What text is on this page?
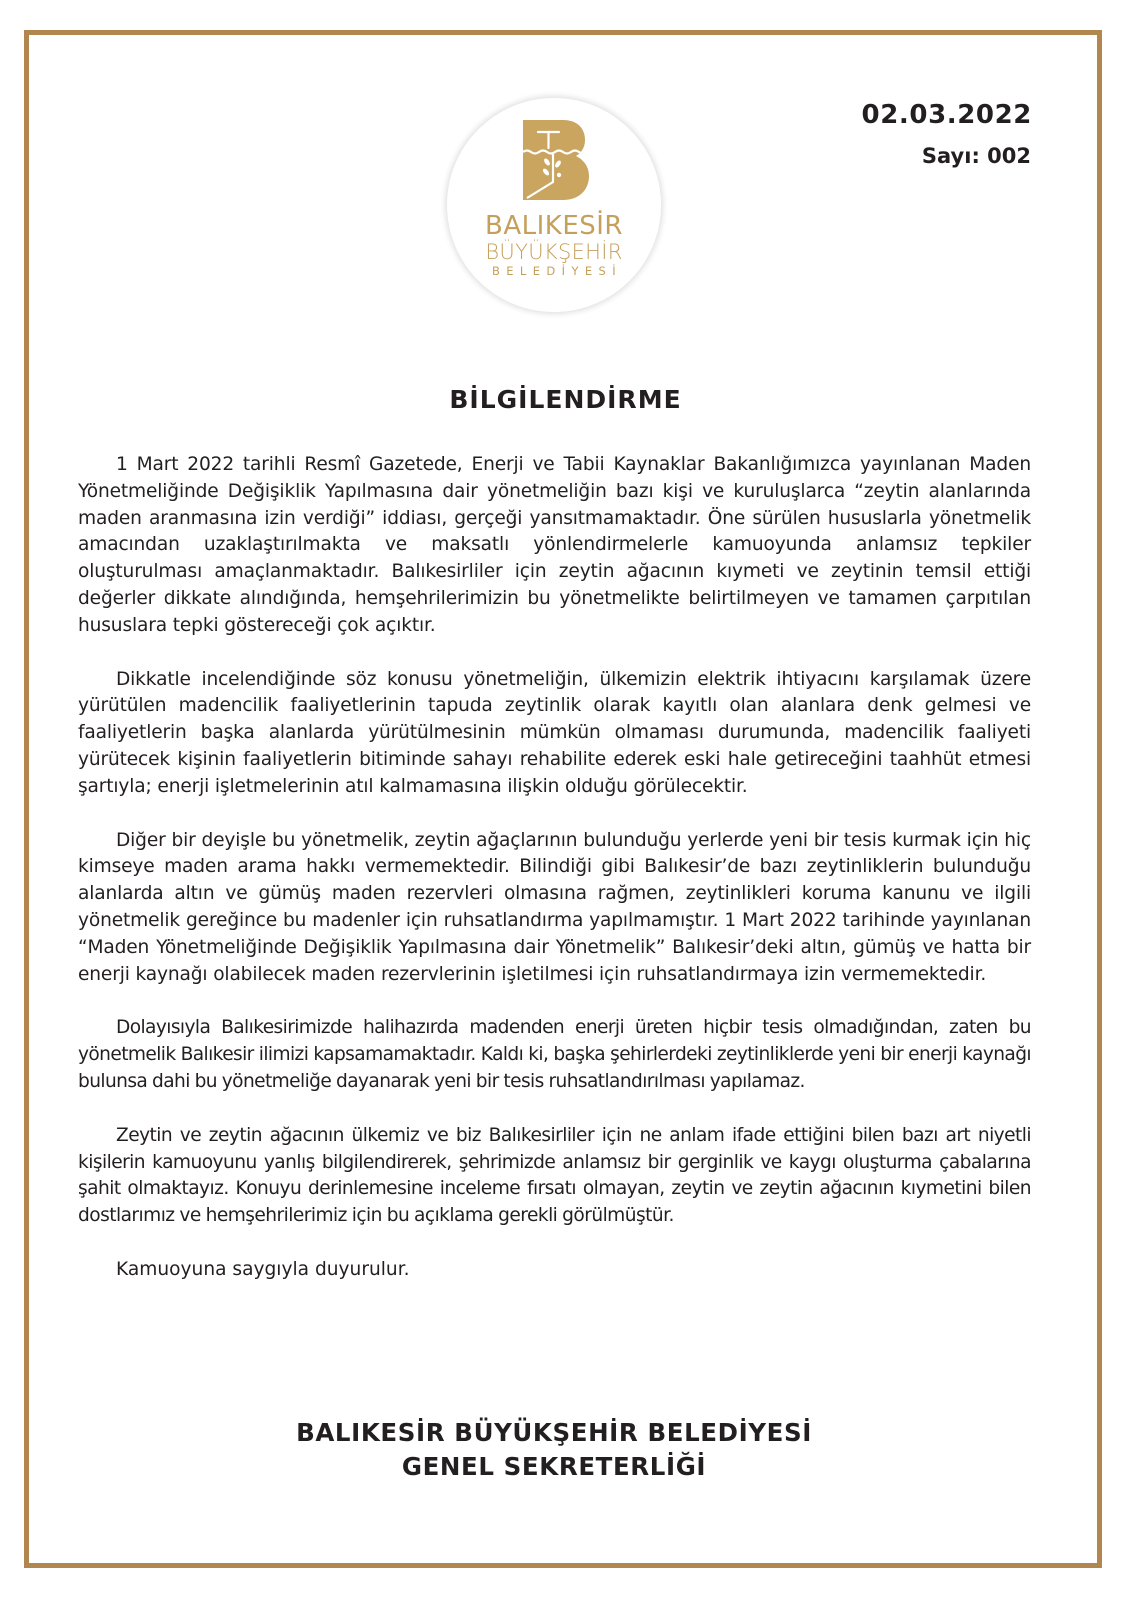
BALIKESİR
BÜYÜKŞEHİR
BELEDİYESİ
02.03.2022
Sayı: 002
BİLGİLENDİRME

1 Mart 2022 tarihli Resmî Gazetede, Enerji ve Tabii Kaynaklar Bakanlığımızca yayınlanan Maden Yönetmeliğinde Değişiklik Yapılmasına dair yönetmeliğin bazı kişi ve kuruluşlarca “zeytin alanlarında maden aranmasına izin verdiği” iddiası, gerçeği yansıtmamaktadır. Öne sürülen hususlarla yönetmelik amacından uzaklaştırılmakta ve maksatlı yönlendirmelerle kamuoyunda anlamsız tepkiler oluşturulması amaçlanmaktadır. Balıkesirliler için zeytin ağacının kıymeti ve zeytinin temsil ettiği değerler dikkate alındığında, hemşehrilerimizin bu yönetmelikte belirtilmeyen ve tamamen çarpıtılan hususlara tepki göstereceği çok açıktır.

Dikkatle incelendiğinde söz konusu yönetmeliğin, ülkemizin elektrik ihtiyacını karşılamak üzere yürütülen madencilik faaliyetlerinin tapuda zeytinlik olarak kayıtlı olan alanlara denk gelmesi ve faaliyetlerin başka alanlarda yürütülmesinin mümkün olmaması durumunda, madencilik faaliyeti yürütecek kişinin faaliyetlerin bitiminde sahayı rehabilite ederek eski hale getireceğini taahhüt etmesi şartıyla; enerji işletmelerinin atıl kalmamasına ilişkin olduğu görülecektir.

Diğer bir deyişle bu yönetmelik, zeytin ağaçlarının bulunduğu yerlerde yeni bir tesis kurmak için hiç kimseye maden arama hakkı vermemektedir. Bilindiği gibi Balıkesir’de bazı zeytinliklerin bulunduğu alanlarda altın ve gümüş maden rezervleri olmasına rağmen, zeytinlikleri koruma kanunu ve ilgili yönetmelik gereğince bu madenler için ruhsatlandırma yapılmamıştır. 1 Mart 2022 tarihinde yayınlanan “Maden Yönetmeliğinde Değişiklik Yapılmasına dair Yönetmelik” Balıkesir’deki altın, gümüş ve hatta bir enerji kaynağı olabilecek maden rezervlerinin işletilmesi için ruhsatlandırmaya izin vermemektedir.

Dolayısıyla Balıkesirimizde halihazırda madenden enerji üreten hiçbir tesis olmadığından, zaten bu yönetmelik Balıkesir ilimizi kapsamamaktadır. Kaldı ki, başka şehirlerdeki zeytinliklerde yeni bir enerji kaynağı bulunsa dahi bu yönetmeliğe dayanarak yeni bir tesis ruhsatlandırılması yapılamaz.

Zeytin ve zeytin ağacının ülkemiz ve biz Balıkesirliler için ne anlam ifade ettiğini bilen bazı art niyetli kişilerin kamuoyunu yanlış bilgilendirerek, şehrimizde anlamsız bir gerginlik ve kaygı oluşturma çabalarına şahit olmaktayız. Konuyu derinlemesine inceleme fırsatı olmayan, zeytin ve zeytin ağacının kıymetini bilen dostlarımız ve hemşehrilerimiz için bu açıklama gerekli görülmüştür.

Kamuoyuna saygıyla duyurulur.

BALIKESİR BÜYÜKŞEHİR BELEDİYESİ
GENEL SEKRETERLİĞİ
